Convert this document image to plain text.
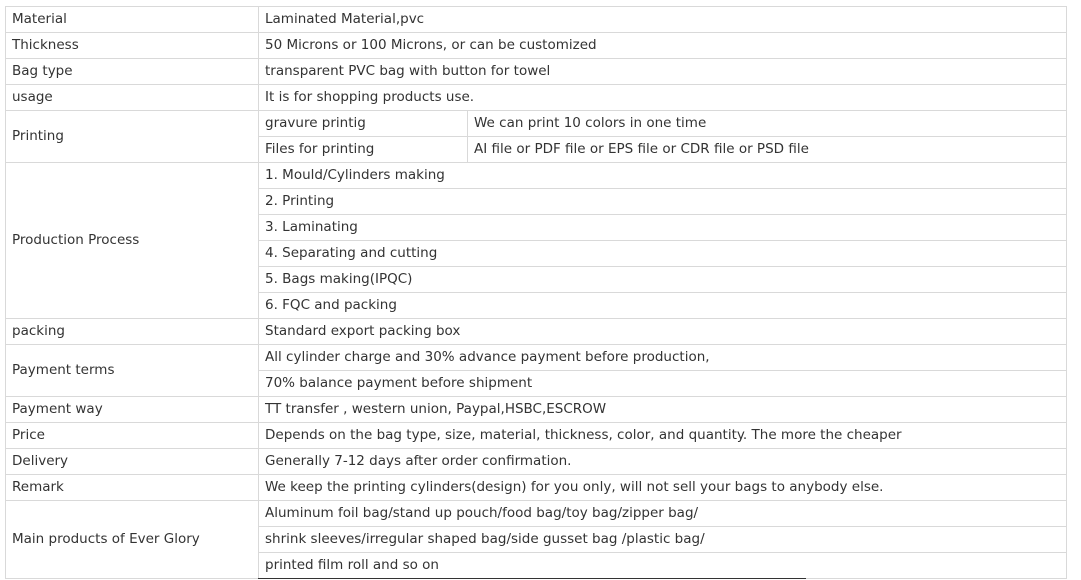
Material	Laminated Material,pvc	
Thickness	50 Microns or 100 Microns, or can be customized	
Bag type	transparent PVC bag with button for towel	
usage	It is for shopping products use.	
Printing	gravure printig	We can print 10 colors in one time
	Files for printing	AI file or PDF file or EPS file or CDR file or PSD file
Production Process	1. Mould/Cylinders making	
	2. Printing	
	3. Laminating	
	4. Separating and cutting	
	5. Bags making(IPQC)	
	6. FQC and packing	
packing	Standard export packing box	
Payment terms	All cylinder charge and 30% advance payment before production,	
	70% balance payment before shipment	
Payment way	TT transfer , western union, Paypal,HSBC,ESCROW	
Price	Depends on the bag type, size, material, thickness, color, and quantity. The more the cheaper	
Delivery	Generally 7-12 days after order confirmation.	
Remark	We keep the printing cylinders(design) for you only, will not sell your bags to anybody else.	
Main products of Ever Glory	Aluminum foil bag/stand up pouch/food bag/toy bag/zipper bag/	
	shrink sleeves/irregular shaped bag/side gusset bag /plastic bag/	
	printed film roll and so on	
